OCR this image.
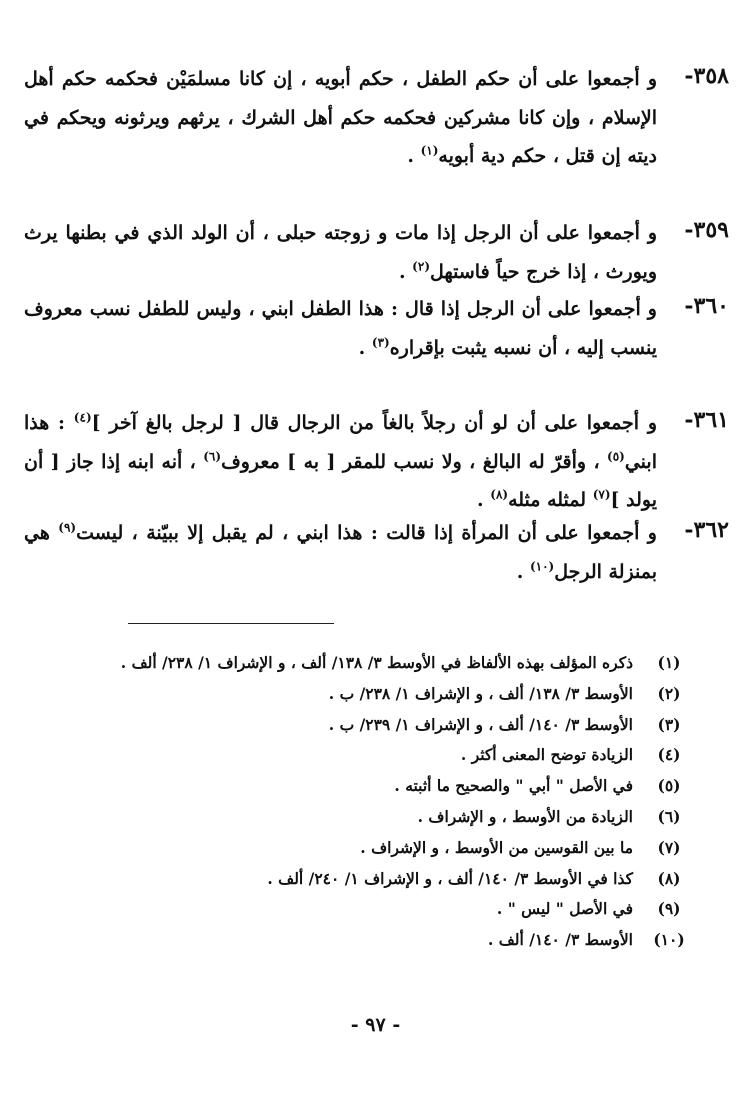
٣٥٨-
و أجمعوا على أن حكم الطفل ، حكم أبويه ، إن كانا مسلمَيْن فحكمه حكم أهل الإسلام ، وإن كانا مشركين فحكمه حكم أهل الشرك ، يرثهم ويرثونه ويحكم في ديته إن قتل ، حكم دية أبويه$^{(١)}$ .
٣٥٩-
و أجمعوا على أن الرجل إذا مات و زوجته حبلى ، أن الولد الذي في بطنها يرث ويورث ، إذا خرج حياً فاستهل$^{(٢)}$ .
٣٦٠-
و أجمعوا على أن الرجل إذا قال : هذا الطفل ابني ، وليس للطفل نسب معروف ينسب إليه ، أن نسبه يثبت بإقراره$^{(٣)}$ .
٣٦١-
و أجمعوا على أن لو أن رجلاً بالغاً من الرجال قال [ لرجل بالغ آخر ]$^{(٤)}$ : هذا ابني$^{(٥)}$ ، وأقرّ له البالغ ، ولا نسب للمقر [ به ] معروف$^{(٦)}$ ، أنه ابنه إذا جاز [ أن يولد ]$^{(٧)}$ لمثله مثله$^{(٨)}$ .
٣٦٢-
و أجمعوا على أن المرأة إذا قالت : هذا ابني ، لم يقبل إلا ببيّنة ، ليست$^{(٩)}$ هي بمنزلة الرجل$^{(١٠)}$ .
(١)
ذكره المؤلف بهذه الألفاظ في الأوسط ٣/ ١٣٨/ ألف ، و الإشراف ١/ ٢٣٨/ ألف .
(٢)
الأوسط ٣/ ١٣٨/ ألف ، و الإشراف ١/ ٢٣٨/ ب .
(٣)
الأوسط ٣/ ١٤٠/ ألف ، و الإشراف ١/ ٢٣٩/ ب .
(٤)
الزيادة توضح المعنى أكثر .
(٥)
في الأصل " أبي " والصحيح ما أثبته .
(٦)
الزيادة من الأوسط ، و الإشراف .
(٧)
ما بين القوسين من الأوسط ، و الإشراف .
(٨)
كذا في الأوسط ٣/ ١٤٠/ ألف ، و الإشراف ١/ ٢٤٠/ ألف .
(٩)
في الأصل " ليس " .
(١٠)
الأوسط ٣/ ١٤٠/ ألف .
- ٩٧ -
